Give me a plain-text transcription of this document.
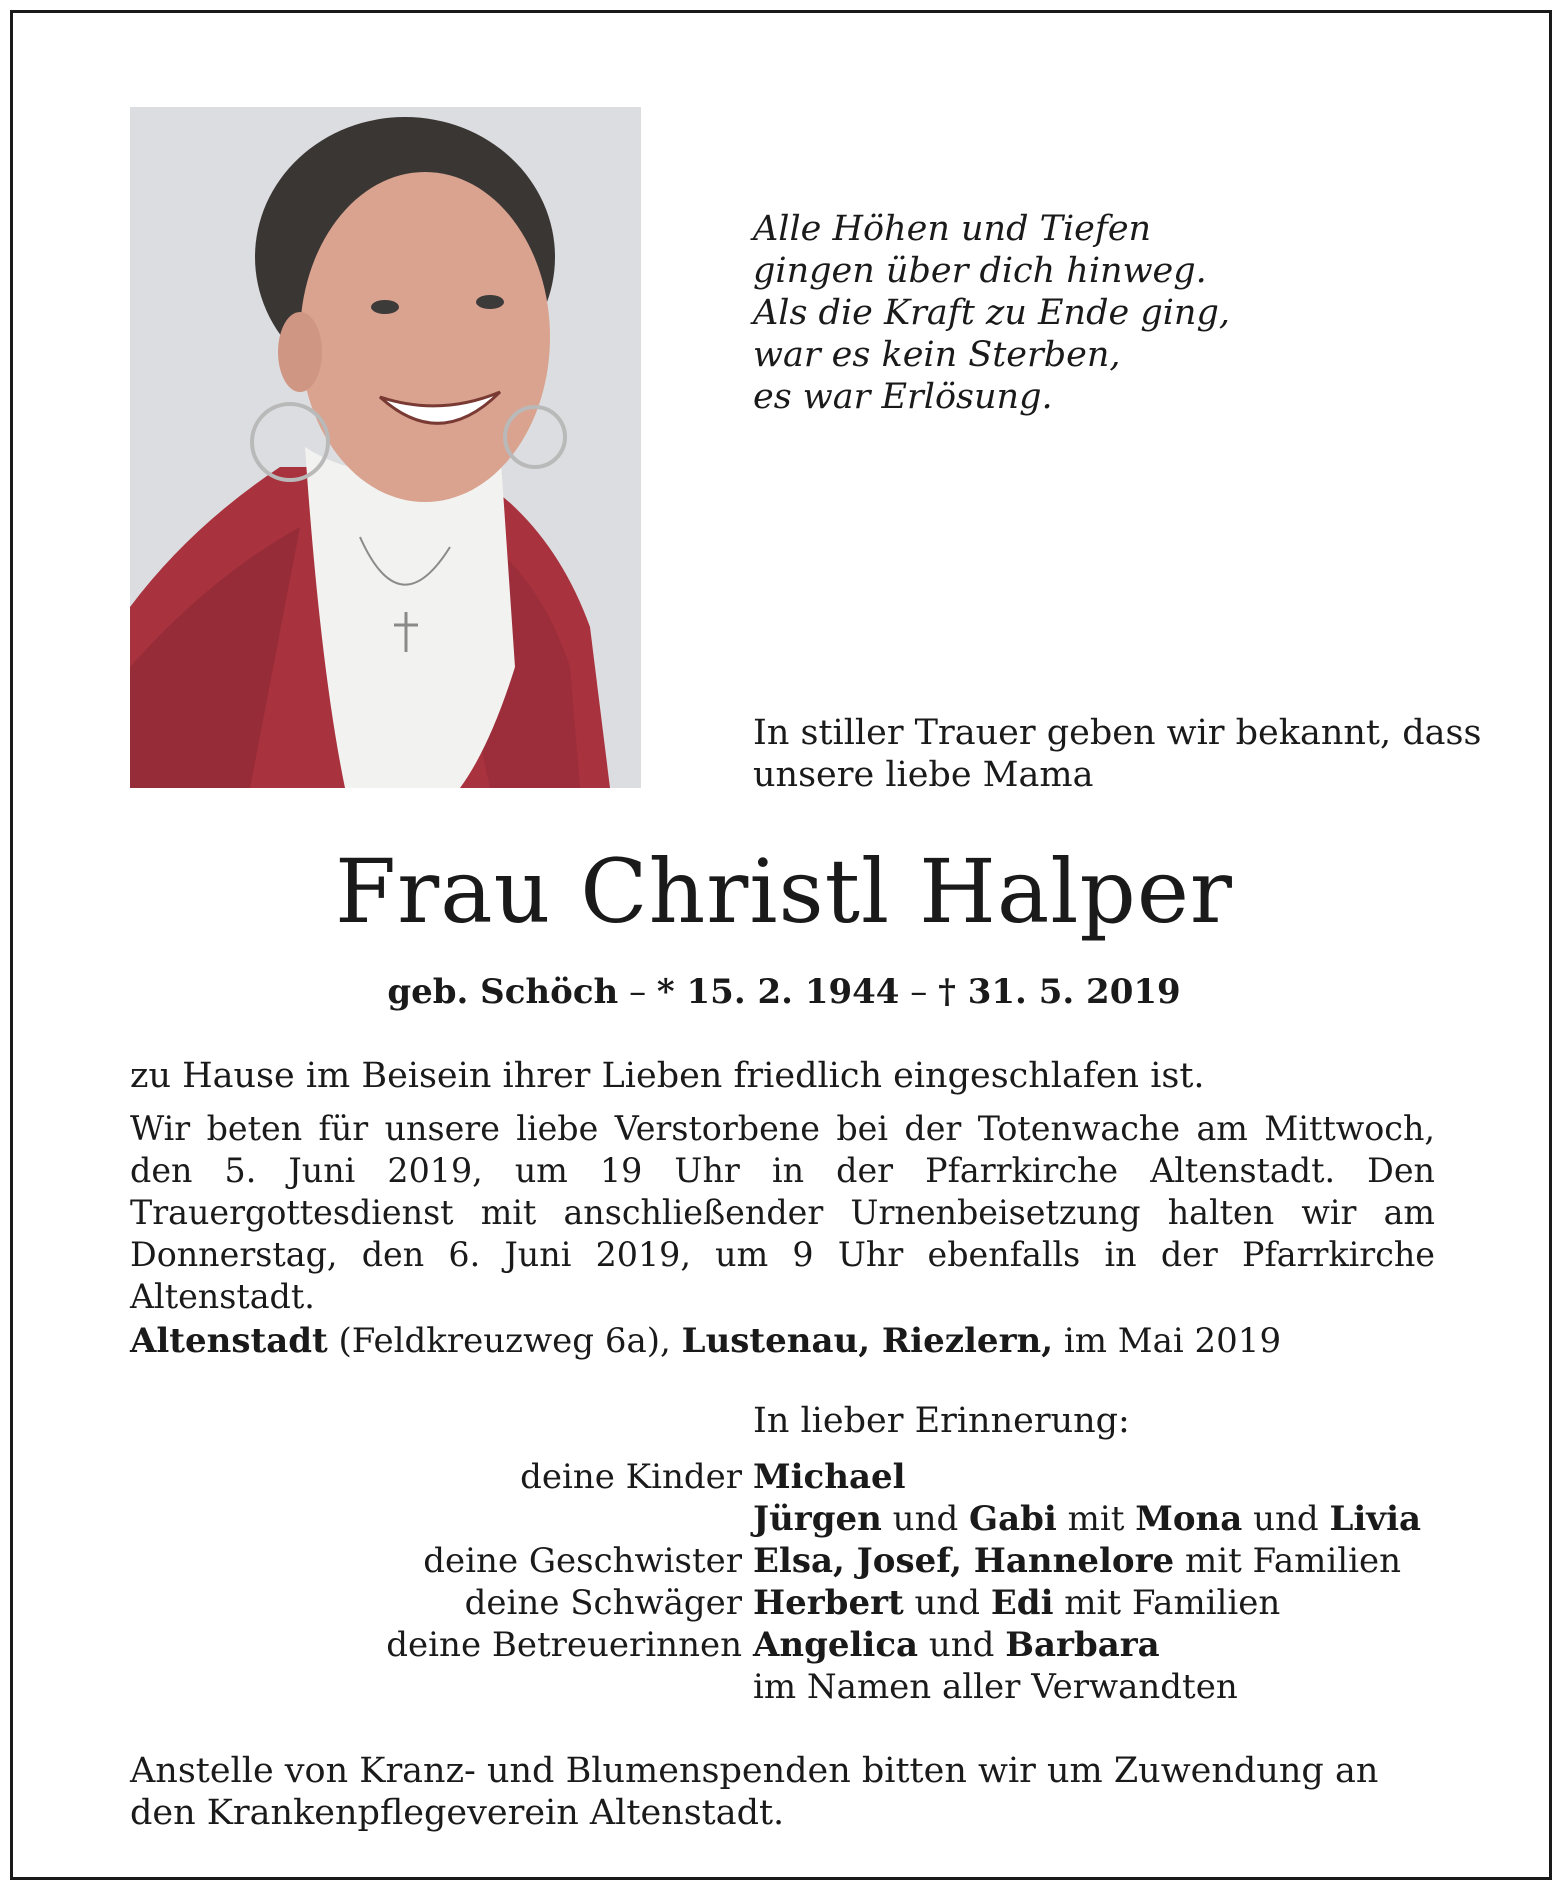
Alle Höhen und Tiefen
gingen über dich hinweg.
Als die Kraft zu Ende ging,
war es kein Sterben,
es war Erlösung.
In stiller Trauer geben wir bekannt, dass
unsere liebe Mama
Frau Christl Halper
geb. Schöch – * 15. 2. 1944 – † 31. 5. 2019
zu Hause im Beisein ihrer Lieben friedlich eingeschlafen ist.
Wir beten für unsere liebe Verstorbene bei der Totenwache am Mittwoch, den 5. Juni 2019, um 19 Uhr in der Pfarrkirche Altenstadt. Den Trauergottesdienst mit anschließender Urnenbeisetzung halten wir am Donnerstag, den 6. Juni 2019, um 9 Uhr ebenfalls in der Pfarrkirche Altenstadt.
Altenstadt (Feldkreuzweg 6a), Lustenau, Riezlern, im Mai 2019
In lieber Erinnerung:
deine Kinder Michael
Jürgen und Gabi mit Mona und Livia
deine Geschwister Elsa, Josef, Hannelore mit Familien
deine Schwäger Herbert und Edi mit Familien
deine Betreuerinnen Angelica und Barbara
im Namen aller Verwandten
Anstelle von Kranz- und Blumenspenden bitten wir um Zuwendung an den Krankenpflegeverein Altenstadt.
